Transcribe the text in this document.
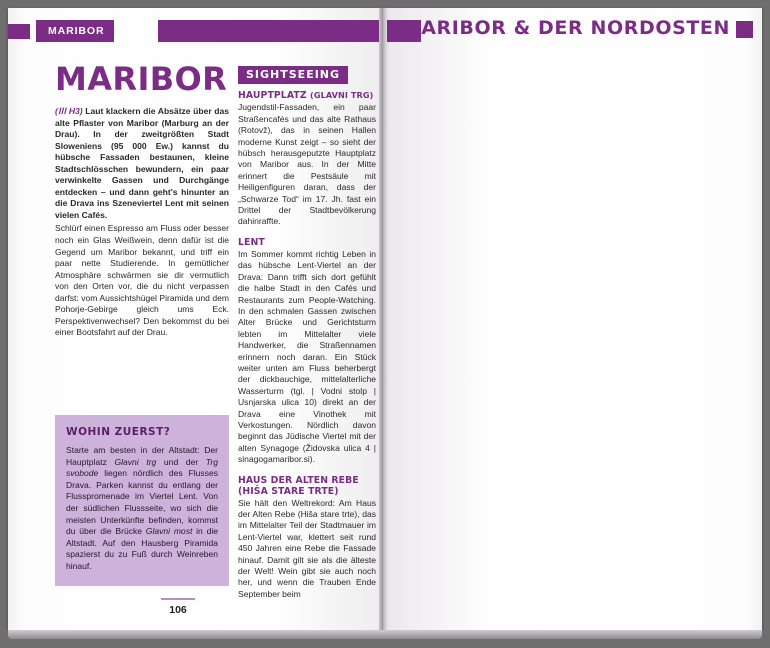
MARIBOR
MARIBOR

(ⅠⅠⅠ H3) Laut klackern die Absätze über das alte Pflaster von Maribor (Marburg an der Drau). In der zweitgrößten Stadt Sloweniens (95 000 Ew.) kannst du hübsche Fassaden bestaunen, kleine Stadtschlösschen bewundern, ein paar verwinkelte Gassen und Durchgänge entdecken – und dann geht's hinunter an die Drava ins Szeneviertel Lent mit seinen vielen Cafés.

Schlürf einen Espresso am Fluss oder besser noch ein Glas Weißwein, denn dafür ist die Gegend um Maribor bekannt, und triff ein paar nette Studierende. In gemütlicher Atmosphäre schwärmen sie dir vermutlich von den Orten vor, die du nicht verpassen darfst: vom Aussichtshügel Piramida und dem Pohorje-Gebirge gleich ums Eck. Perspektivenwechsel? Den bekommst du bei einer Bootsfahrt auf der Drau.

WOHIN ZUERST?
Starte am besten in der Altstadt: Der Hauptplatz Glavni trg und der Trg svobode liegen nördlich des Flusses Drava. Parken kannst du entlang der Flusspromenade im Viertel Lent. Von der südlichen Flussseite, wo sich die meisten Unterkünfte befinden, kommst du über die Brücke Glavni most in die Altstadt. Auf den Hausberg Piramida spazierst du zu Fuß durch Weinreben hinauf.
SIGHTSEEING
HAUPTPLATZ (GLAVNI TRG)

Jugendstil-Fassaden, ein paar Straßencafés und das alte Rathaus (Rotovž), das in seinen Hallen moderne Kunst zeigt – so sieht der hübsch herausgeputzte Hauptplatz von Maribor aus. In der Mitte erinnert die Pestsäule mit Heiligenfiguren daran, dass der „Schwarze Tod“ im 17. Jh. fast ein Drittel der Stadtbevölkerung dahinraffte.

LENT

Im Sommer kommt richtig Leben in das hübsche Lent-Viertel an der Drava: Dann trifft sich dort gefühlt die halbe Stadt in den Cafés und Restaurants zum People-Watching. In den schmalen Gassen zwischen Alter Brücke und Gerichtsturm lebten im Mittelalter viele Handwerker, die Straßennamen erinnern noch daran. Ein Stück weiter unten am Fluss beherbergt der dickbauchige, mittelalterliche Wasserturm (tgl. | Vodni stolp | Usnjarska ulica 10) direkt an der Drava eine Vinothek mit Verkostungen. Nördlich davon beginnt das Jüdische Viertel mit der alten Synagoge (Židovska ulica 4 | sinagogamaribor.si).

HAUS DER ALTEN REBE
(HIŠA STARE TRTE)

Sie hält den Weltrekord: Am Haus der Alten Rebe (Hiša stare trte), das im Mittelalter Teil der Stadtmauer im Lent-Viertel war, klettert seit rund 450 Jahren eine Rebe die Fassade hinauf. Damit gilt sie als die älteste der Welt! Wein gibt sie auch noch her, und wenn die Trauben Ende September beim

106
MARIBOR & DER NORDOSTEN
